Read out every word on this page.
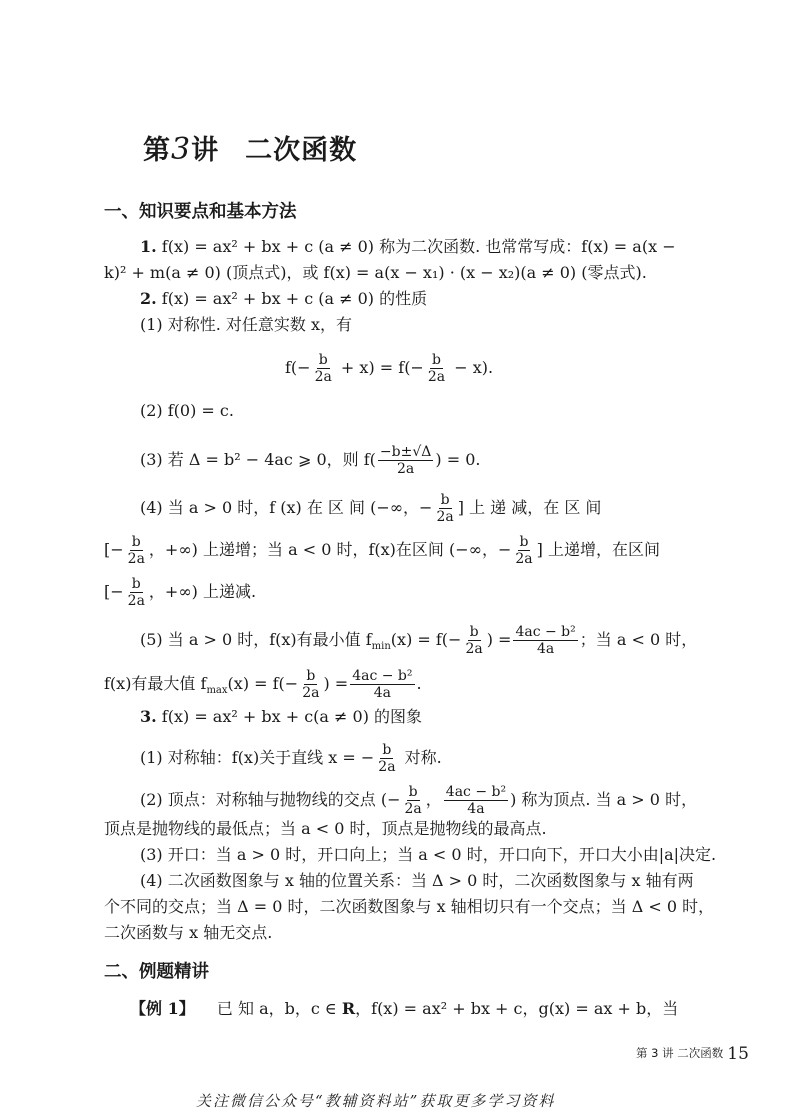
第3讲 二次函数
一、知识要点和基本方法
1. f(x) = ax² + bx + c (a ≠ 0) 称为二次函数. 也常常写成：f(x) = a(x −
k)² + m(a ≠ 0) (顶点式)，或 f(x) = a(x − x₁) · (x − x₂)(a ≠ 0) (零点式).
2. f(x) = ax² + bx + c (a ≠ 0) 的性质
(1) 对称性. 对任意实数 x，有
$f(- \frac{b}{2a} + x) = f(- \frac{b}{2a} - x)$.
(2) f(0) = c.
(3) 若 Δ = b² − 4ac ⩾ 0，则 $f( \frac{-b\pm√\Delta}{2a}$ ) = 0.
(4) 当 a > 0 时，f (x) 在 区 间 (−∞，− $\frac{b}{2a}$ ] 上 递 减，在 区 间
[− $\frac{b}{2a}$ ，+∞) 上递增；当 a < 0 时，f(x)在区间 (−∞，− $\frac{b}{2a}$ ] 上递增，在区间
[− $\frac{b}{2a}$ ，+∞) 上递减.
(5) 当 a > 0 时，f(x)有最小值 $f_{min}(x) = f(- \frac{b}{2a}$ ) = $\frac{\text{4ac − b²}}{4a}$ ；当 a < 0 时，
f(x)有最大值 $f_{max}(x) = f(- \frac{b}{2a}$ ) = $\frac{\text{4ac − b²}}{4a}$ .
3. f(x) = ax² + bx + c(a ≠ 0) 的图象
(1) 对称轴：f(x)关于直线 x = − $\frac{b}{2a}$ 对称.
(2) 顶点：对称轴与抛物线的交点 (− $\frac{b}{2a}$ ， $\frac{\text{4ac − b²}}{4a}$ ) 称为顶点. 当 a > 0 时，
顶点是抛物线的最低点；当 a < 0 时，顶点是抛物线的最高点.
(3) 开口：当 a > 0 时，开口向上；当 a < 0 时，开口向下，开口大小由|a|决定.
(4) 二次函数图象与 x 轴的位置关系：当 Δ > 0 时，二次函数图象与 x 轴有两
个不同的交点；当 Δ = 0 时，二次函数图象与 x 轴相切只有一个交点；当 Δ < 0 时，
二次函数与 x 轴无交点.
二、例题精讲
【例 1】 已 知 a，b，c ∈ R，f(x) = ax² + bx + c，g(x) = ax + b，当
第 3 讲 二次函数 15
关注微信公众号“教辅资料站”获取更多学习资料
